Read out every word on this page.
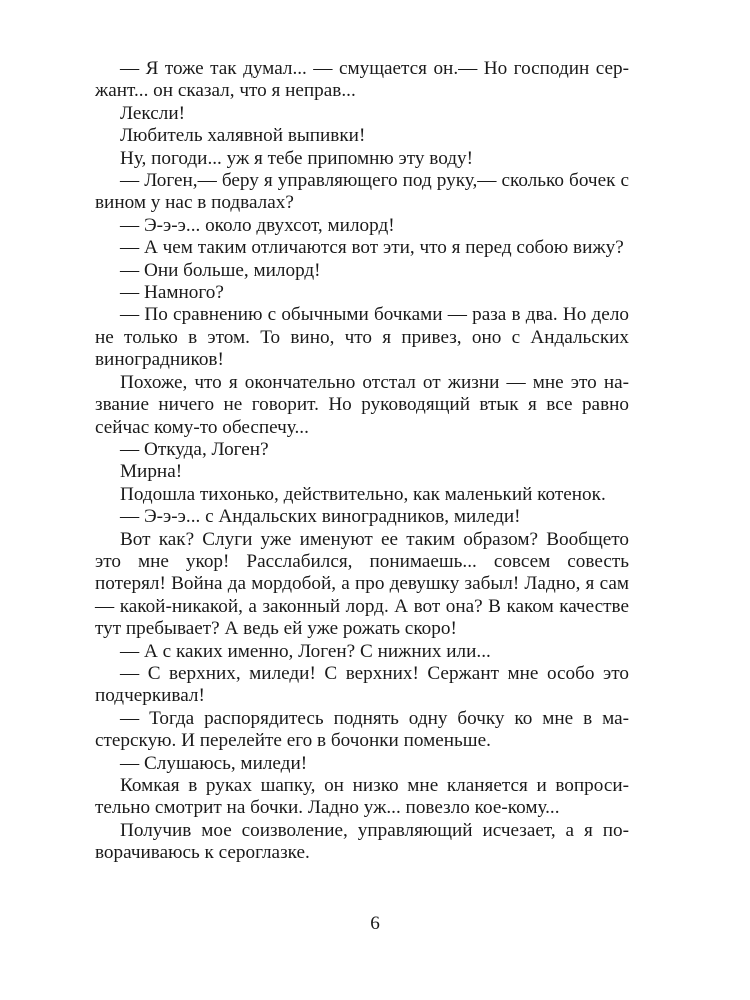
— Я тоже так думал... — смущается он.— Но господин сержант... он сказал, что я неправ...

Лексли!

Любитель халявной выпивки!

Ну, погоди... уж я тебе припомню эту воду!

— Логен,— беру я управляющего под руку,— сколько бочек с вином у нас в подвалах?

— Э-э-э... около двухсот, милорд!

— А чем таким отличаются вот эти, что я перед собою вижу?

— Они больше, милорд!

— Намного?

— По сравнению с обычными бочками — раза в два. Но дело не только в этом. То вино, что я привез, оно с Андальских виноградников!

Похоже, что я окончательно отстал от жизни — мне это название ничего не говорит. Но руководящий втык я все равно сейчас кому-то обеспечу...

— Откуда, Логен?

Мирна!

Подошла тихонько, действительно, как маленький котенок.

— Э-э-э... с Андальских виноградников, миледи!

Вот как? Слуги уже именуют ее таким образом? Вообщето это мне укор! Расслабился, понимаешь... совсем совесть потерял! Война да мордобой, а про девушку забыл! Ладно, я сам — какой-никакой, а законный лорд. А вот она? В каком качестве тут пребывает? А ведь ей уже рожать скоро!

— А с каких именно, Логен? С нижних или...

— С верхних, миледи! С верхних! Сержант мне особо это подчеркивал!

— Тогда распорядитесь поднять одну бочку ко мне в мастерскую. И перелейте его в бочонки поменьше.

— Слушаюсь, миледи!

Комкая в руках шапку, он низко мне кланяется и вопросительно смотрит на бочки. Ладно уж... повезло кое-кому...

Получив мое соизволение, управляющий исчезает, а я поворачиваюсь к сероглазке.

6
